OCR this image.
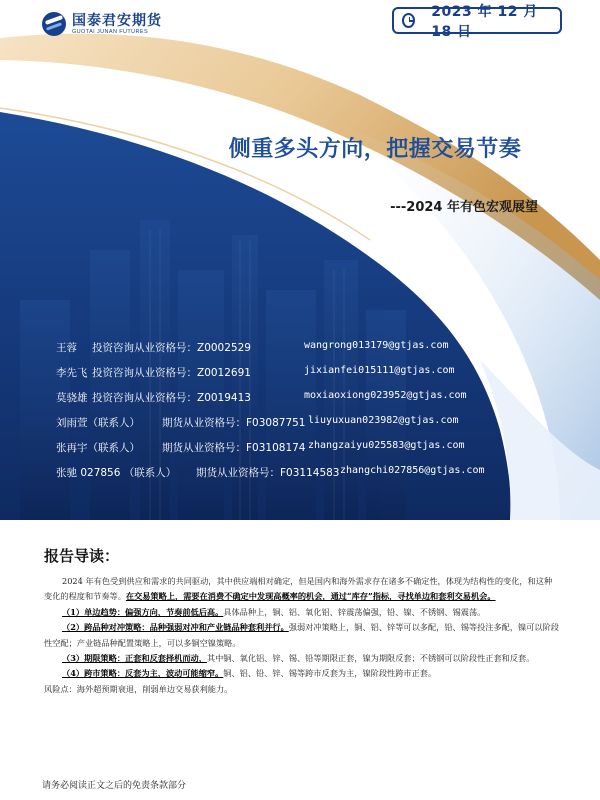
国泰君安期货
GUOTAI JUNAN FUTURES
2023 年 12 月 18 日
侧重多头方向，把握交易节奏
---2024 年有色宏观展望
王蓉 投资咨询从业资格号：Z0002529	wangrong013179@gtjas.com
李先飞 投资咨询从业资格号：Z0012691	jixianfei015111@gtjas.com
莫骁雄 投资咨询从业资格号：Z0019413	moxiaoxiong023952@gtjas.com
刘雨萱（联系人） 期货从业资格号：F03087751 liuyuxuan023982@gtjas.com
张再宇（联系人） 期货从业资格号：F03108174 zhangzaiyu025583@gtjas.com
张驰 027856 （联系人） 期货从业资格号：F03114583 zhangchi027856@gtjas.com
报告导读：

2024 年有色受到供应和需求的共同驱动，其中供应端相对确定，但是国内和海外需求存在诸多不确定性，体现为结构性的变化，和这种变化的程度和节奏等。在交易策略上，需要在消费不确定中发现高概率的机会，通过“库存”指标，寻找单边和套利交易机会。

（1）单边趋势：偏强方向，节奏前低后高。具体品种上，铜、铝、氧化铝、锌震荡偏强，铅、镍、不锈钢、锡震荡。

（2）跨品种对冲策略：品种强弱对冲和产业链品种套利并行。强弱对冲策略上，铜、铝、锌等可以多配，铅、锡等投注多配，镍可以阶段性空配；产业链品种配置策略上，可以多铜空镍策略。

（3）期限策略：正套和反套择机而动，其中铜、氧化铝、锌、锡、铅等期限正套，镍为期限反套；不锈钢可以阶段性正套和反套。

（4）跨市策略：反套为主，波动可能缩窄。铜、铝、铅、锌、锡等跨市反套为主，镍阶段性跨市正套。

风险点：海外超预期衰退，削弱单边交易获利能力。

请务必阅读正文之后的免责条款部分
